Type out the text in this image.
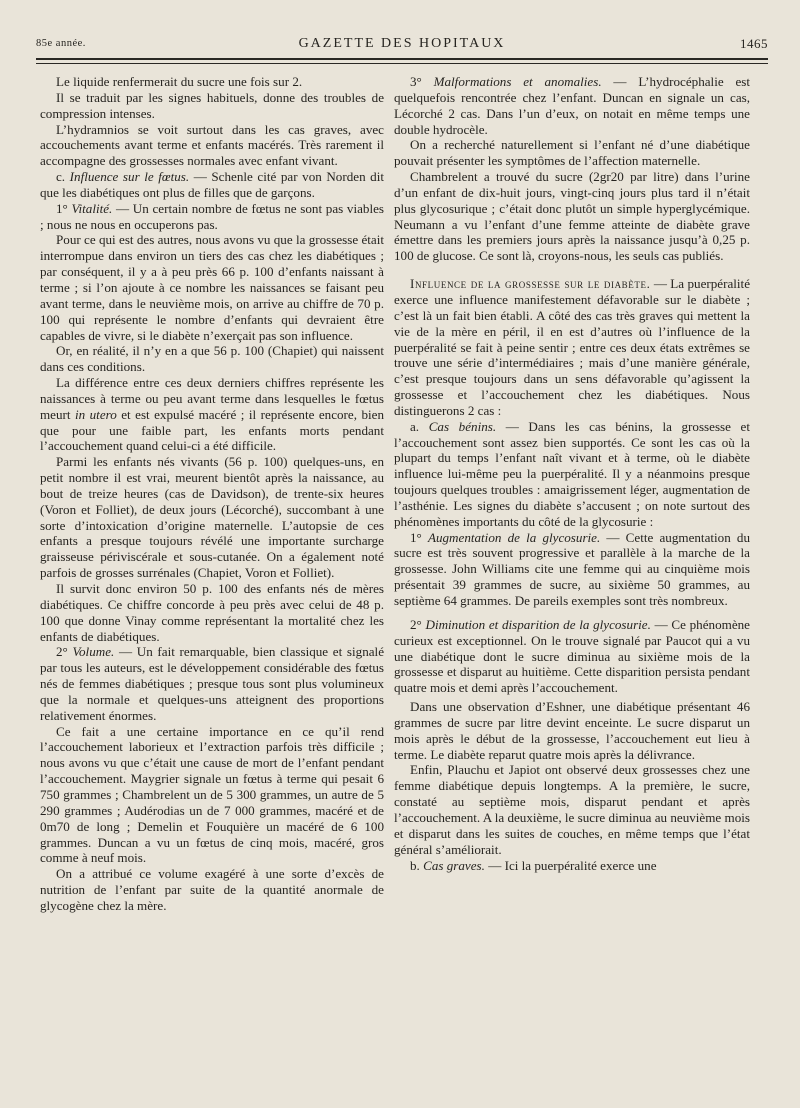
85e année.	GAZETTE DES HOPITAUX	1465

Le liquide renfermerait du sucre une fois sur 2.

Il se traduit par les signes habituels, donne des troubles de compression intenses.

L’hydramnios se voit surtout dans les cas graves, avec accouchements avant terme et enfants macérés. Très rarement il accompagne des grossesses normales avec enfant vivant.

c. Influence sur le fœtus. — Schenle cité par von Norden dit que les diabétiques ont plus de filles que de garçons.

1° Vitalité. — Un certain nombre de fœtus ne sont pas viables ; nous ne nous en occuperons pas.

Pour ce qui est des autres, nous avons vu que la grossesse était interrompue dans environ un tiers des cas chez les diabétiques ; par conséquent, il y a à peu près 66 p. 100 d’enfants naissant à terme ; si l’on ajoute à ce nombre les naissances se faisant peu avant terme, dans le neuvième mois, on arrive au chiffre de 70 p. 100 qui représente le nombre d’enfants qui devraient être capables de vivre, si le diabète n’exerçait pas son influence.

Or, en réalité, il n’y en a que 56 p. 100 (Chapiet) qui naissent dans ces conditions.

La différence entre ces deux derniers chiffres représente les naissances à terme ou peu avant terme dans lesquelles le fœtus meurt in utero et est expulsé macéré ; il représente encore, bien que pour une faible part, les enfants morts pendant l’accouchement quand celui-ci a été difficile.

Parmi les enfants nés vivants (56 p. 100) quelques-uns, en petit nombre il est vrai, meurent bientôt après la naissance, au bout de treize heures (cas de Davidson), de trente-six heures (Voron et Folliet), de deux jours (Lécorché), succombant à une sorte d’intoxication d’origine maternelle. L’autopsie de ces enfants a presque toujours révélé une importante surcharge graisseuse périviscérale et sous-cutanée. On a également noté parfois de grosses surrénales (Chapiet, Voron et Folliet).

Il survit donc environ 50 p. 100 des enfants nés de mères diabétiques. Ce chiffre concorde à peu près avec celui de 48 p. 100 que donne Vinay comme représentant la mortalité chez les enfants de diabétiques.

2° Volume. — Un fait remarquable, bien classique et signalé par tous les auteurs, est le développement considérable des fœtus nés de femmes diabétiques ; presque tous sont plus volumineux que la normale et quelques-uns atteignent des proportions relativement énormes.

Ce fait a une certaine importance en ce qu’il rend l’accouchement laborieux et l’extraction parfois très difficile ; nous avons vu que c’était une cause de mort de l’enfant pendant l’accouchement. Maygrier signale un fœtus à terme qui pesait 6 750 grammes ; Chambrelent un de 5 300 grammes, un autre de 5 290 grammes ; Audérodias un de 7 000 grammes, macéré et de 0m70 de long ; Demelin et Fouquière un macéré de 6 100 grammes. Duncan a vu un fœtus de cinq mois, macéré, gros comme à neuf mois.

On a attribué ce volume exagéré à une sorte d’excès de nutrition de l’enfant par suite de la quantité anormale de glycogène chez la mère.

3° Malformations et anomalies. — L’hydrocéphalie est quelquefois rencontrée chez l’enfant. Duncan en signale un cas, Lécorché 2 cas. Dans l’un d’eux, on notait en même temps une double hydrocèle.

On a recherché naturellement si l’enfant né d’une diabétique pouvait présenter les symptômes de l’affection maternelle.

Chambrelent a trouvé du sucre (2gr20 par litre) dans l’urine d’un enfant de dix-huit jours, vingt-cinq jours plus tard il n’était plus glycosurique ; c’était donc plutôt un simple hyperglycémique. Neumann a vu l’enfant d’une femme atteinte de diabète grave émettre dans les premiers jours après la naissance jusqu’à 0,25 p. 100 de glucose. Ce sont là, croyons-nous, les seuls cas publiés.

Influence de la grossesse sur le diabète. — La puerpéralité exerce une influence manifestement défavorable sur le diabète ; c’est là un fait bien établi. A côté des cas très graves qui mettent la vie de la mère en péril, il en est d’autres où l’influence de la puerpéralité se fait à peine sentir ; entre ces deux états extrêmes se trouve une série d’intermédiaires ; mais d’une manière générale, c’est presque toujours dans un sens défavorable qu’agissent la grossesse et l’accouchement chez les diabétiques. Nous distinguerons 2 cas :

a. Cas bénins. — Dans les cas bénins, la grossesse et l’accouchement sont assez bien supportés. Ce sont les cas où la plupart du temps l’enfant naît vivant et à terme, où le diabète influence lui-même peu la puerpéralité. Il y a néanmoins presque toujours quelques troubles : amaigrissement léger, augmentation de l’asthénie. Les signes du diabète s’accusent ; on note surtout des phénomènes importants du côté de la glycosurie :

1° Augmentation de la glycosurie. — Cette augmentation du sucre est très souvent progressive et parallèle à la marche de la grossesse. John Williams cite une femme qui au cinquième mois présentait 39 grammes de sucre, au sixième 50 grammes, au septième 64 grammes. De pareils exemples sont très nombreux.

2° Diminution et disparition de la glycosurie. — Ce phénomène curieux est exceptionnel. On le trouve signalé par Paucot qui a vu une diabétique dont le sucre diminua au sixième mois de la grossesse et disparut au huitième. Cette disparition persista pendant quatre mois et demi après l’accouchement.

Dans une observation d’Eshner, une diabétique présentant 46 grammes de sucre par litre devint enceinte. Le sucre disparut un mois après le début de la grossesse, l’accouchement eut lieu à terme. Le diabète reparut quatre mois après la délivrance.

Enfin, Plauchu et Japiot ont observé deux grossesses chez une femme diabétique depuis longtemps. A la première, le sucre, constaté au septième mois, disparut pendant et après l’accouchement. A la deuxième, le sucre diminua au neuvième mois et disparut dans les suites de couches, en même temps que l’état général s’améliorait.

b. Cas graves. — Ici la puerpéralité exerce une
